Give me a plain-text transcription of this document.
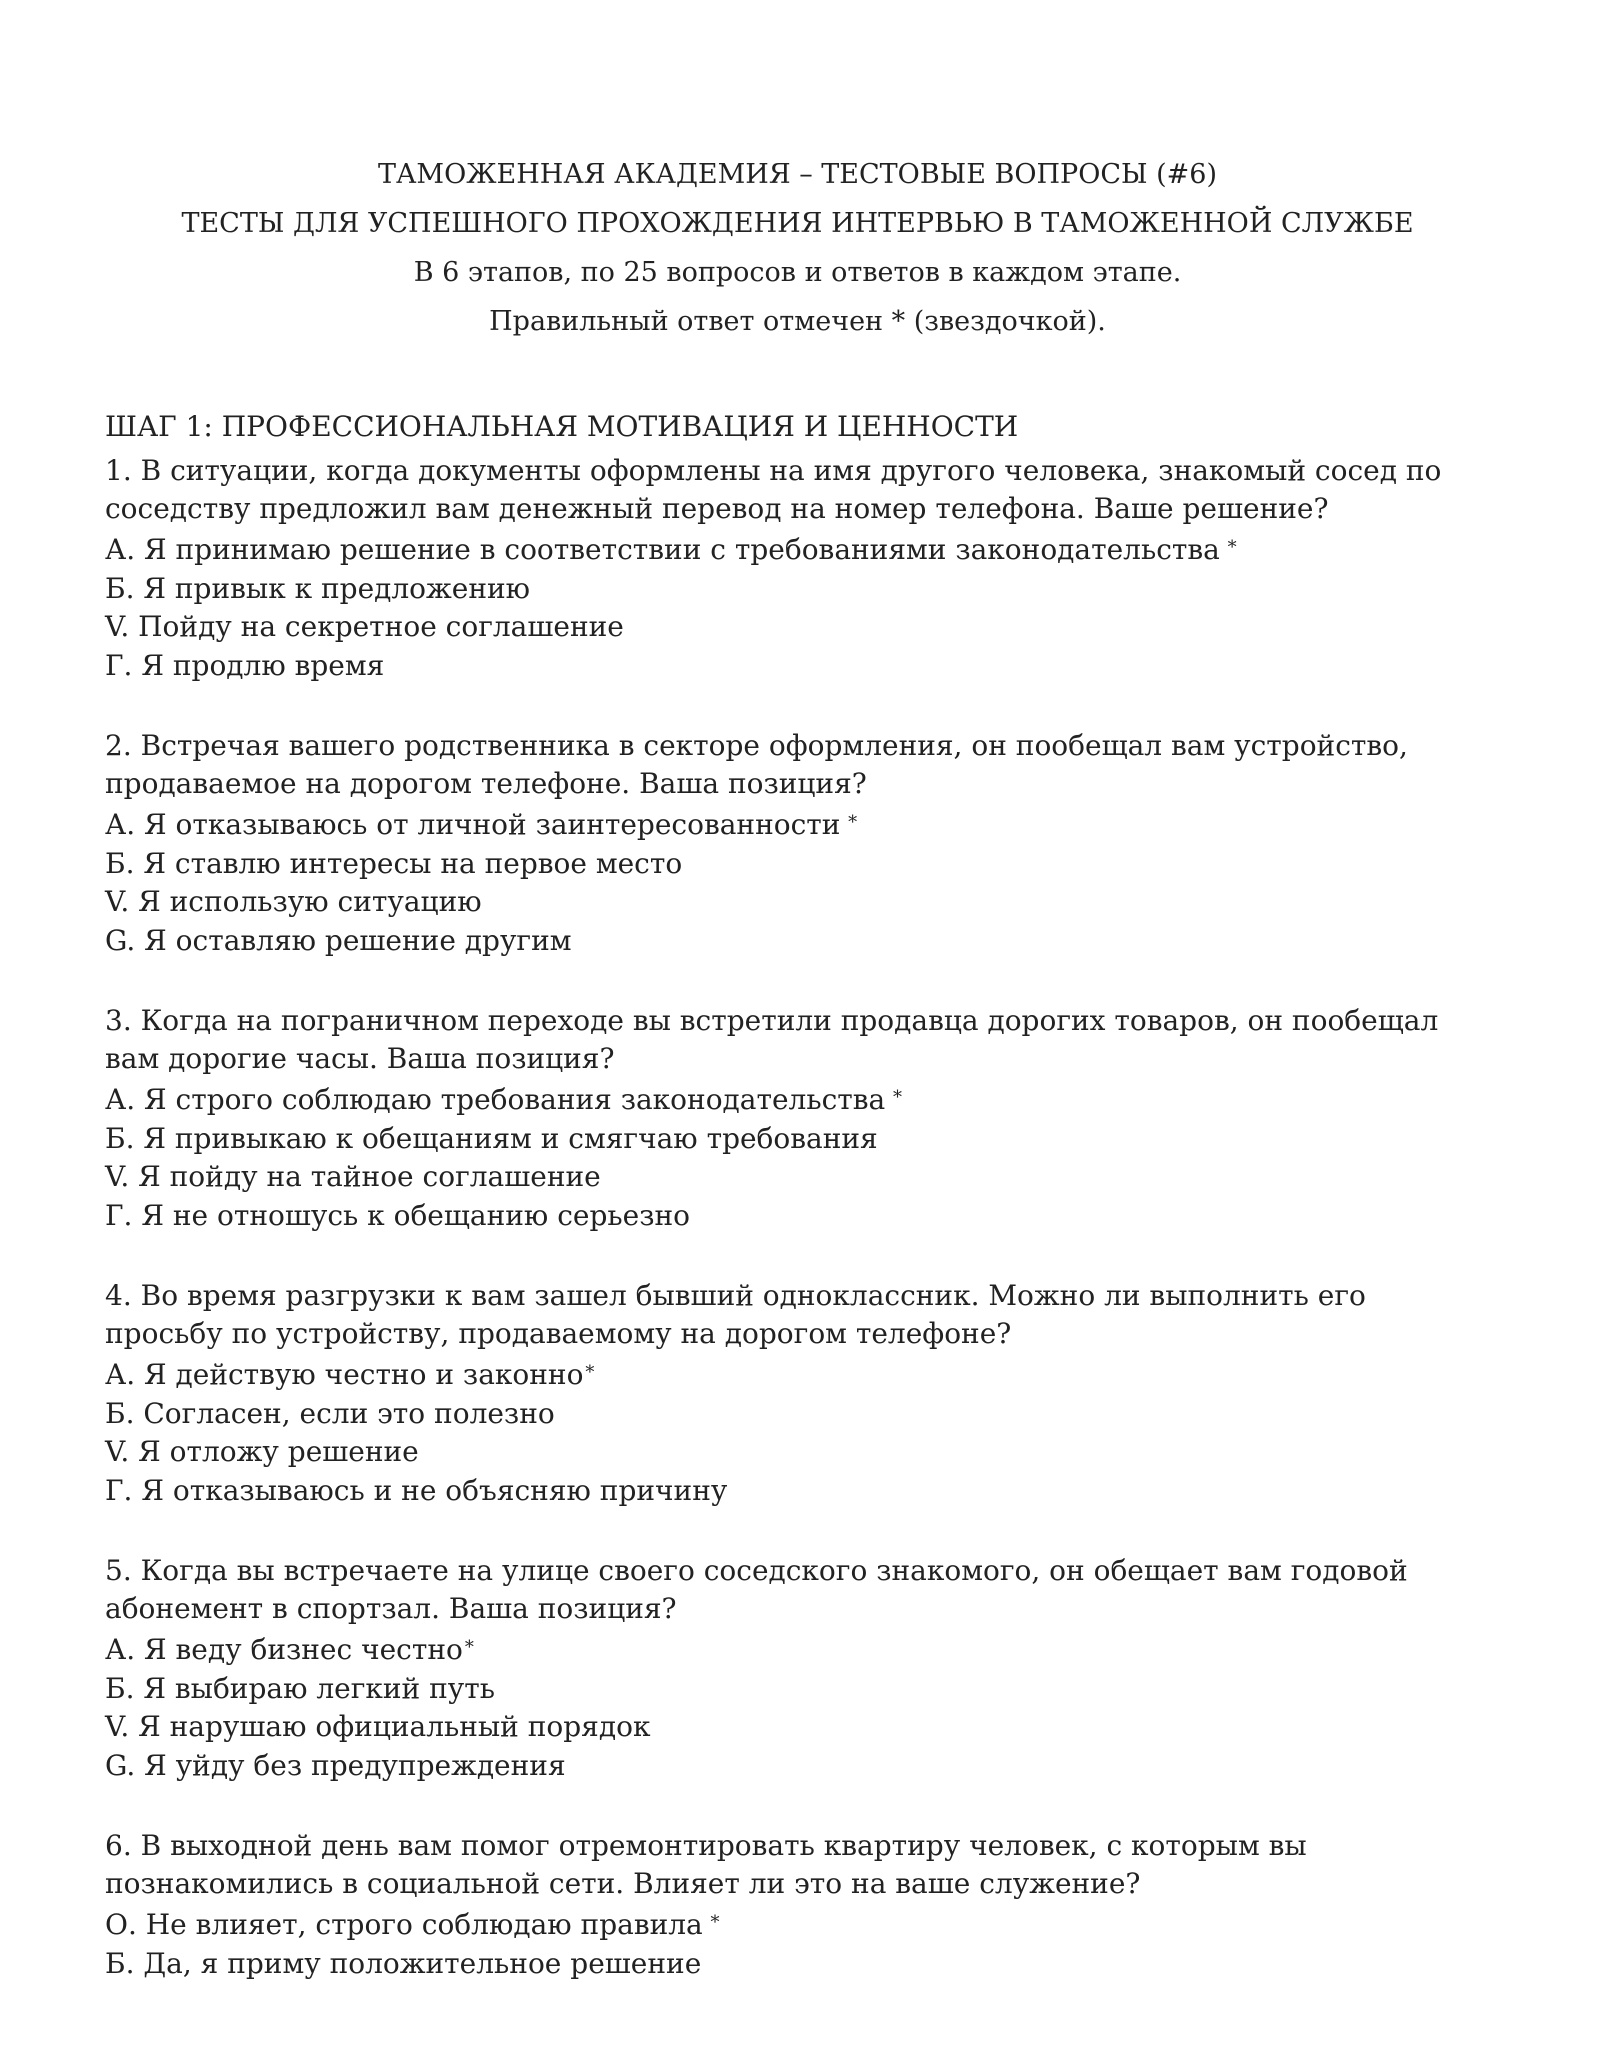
ТАМОЖЕННАЯ АКАДЕМИЯ – ТЕСТОВЫЕ ВОПРОСЫ (#6)
ТЕСТЫ ДЛЯ УСПЕШНОГО ПРОХОЖДЕНИЯ ИНТЕРВЬЮ В ТАМОЖЕННОЙ СЛУЖБЕ
В 6 этапов, по 25 вопросов и ответов в каждом этапе.
Правильный ответ отмечен * (звездочкой).
ШАГ 1: ПРОФЕССИОНАЛЬНАЯ МОТИВАЦИЯ И ЦЕННОСТИ
1. В ситуации, когда документы оформлены на имя другого человека, знакомый сосед по соседству предложил вам денежный перевод на номер телефона. Ваше решение?
А. Я принимаю решение в соответствии с требованиями законодательства *
Б. Я привык к предложению
V. Пойду на секретное соглашение
Г. Я продлю время
2. Встречая вашего родственника в секторе оформления, он пообещал вам устройство, продаваемое на дорогом телефоне. Ваша позиция?
А. Я отказываюсь от личной заинтересованности *
Б. Я ставлю интересы на первое место
V. Я использую ситуацию
G. Я оставляю решение другим
3. Когда на пограничном переходе вы встретили продавца дорогих товаров, он пообещал вам дорогие часы. Ваша позиция?
А. Я строго соблюдаю требования законодательства *
Б. Я привыкаю к обещаниям и смягчаю требования
V. Я пойду на тайное соглашение
Г. Я не отношусь к обещанию серьезно
4. Во время разгрузки к вам зашел бывший одноклассник. Можно ли выполнить его просьбу по устройству, продаваемому на дорогом телефоне?
А. Я действую честно и законно *
Б. Согласен, если это полезно
V. Я отложу решение
Г. Я отказываюсь и не объясняю причину
5. Когда вы встречаете на улице своего соседского знакомого, он обещает вам годовой абонемент в спортзал. Ваша позиция?
А. Я веду бизнес честно *
Б. Я выбираю легкий путь
V. Я нарушаю официальный порядок
G. Я уйду без предупреждения
6. В выходной день вам помог отремонтировать квартиру человек, с которым вы познакомились в социальной сети. Влияет ли это на ваше служение?
О. Не влияет, строго соблюдаю правила *
Б. Да, я приму положительное решение
